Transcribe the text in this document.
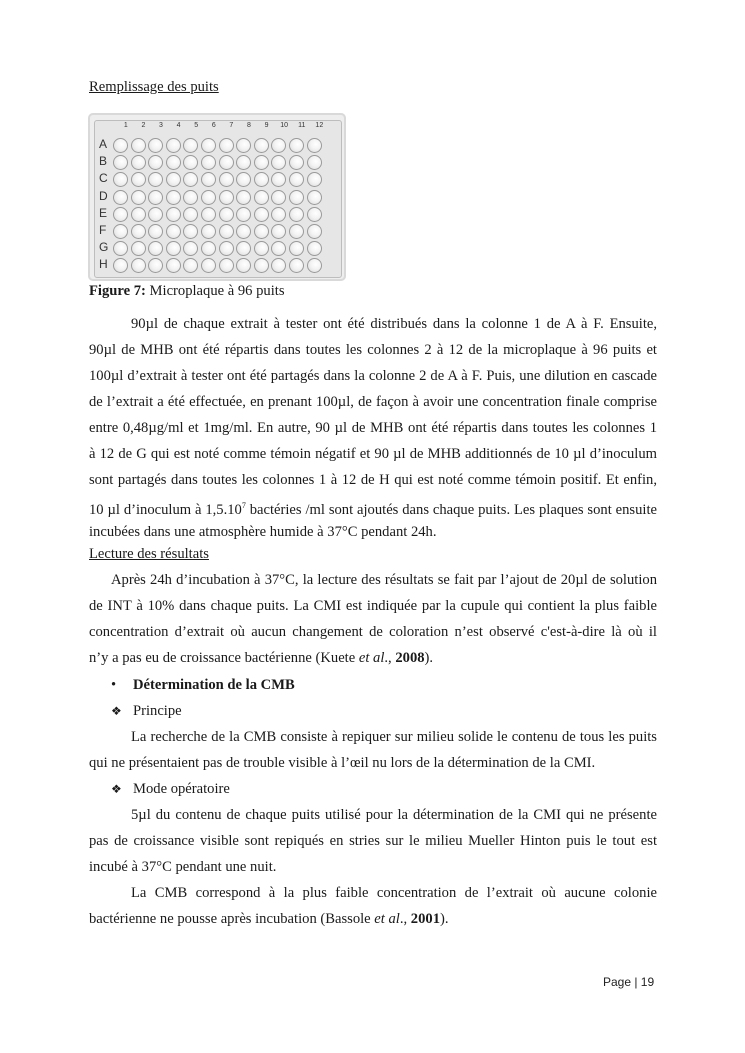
Remplissage des puits
1	2	3	4	5	6	7	8	9	10	11	12
A
B
C
D
E
F
G
H
Figure 7: Microplaque à 96 puits
90µl de chaque extrait à tester ont été distribués dans la colonne 1 de A à F. Ensuite,
90µl de MHB ont été répartis dans toutes les colonnes 2 à 12 de la microplaque à 96 puits et
100µl d’extrait à tester ont été partagés dans la colonne 2 de A à F. Puis, une dilution en cascade
de l’extrait a été effectuée, en prenant 100µl, de façon à avoir une concentration finale comprise
entre 0,48µg/ml et 1mg/ml. En autre, 90 µl de MHB ont été répartis dans toutes les colonnes 1
à 12 de G qui est noté comme témoin négatif et 90 µl de MHB additionnés de 10 µl d’inoculum
sont partagés dans toutes les colonnes 1 à 12 de H qui est noté comme témoin positif. Et enfin,
10 µl d’inoculum à 1,5.10$^7$ bactéries /ml sont ajoutés dans chaque puits. Les plaques sont ensuite
incubées dans une atmosphère humide à 37°C pendant 24h.
Lecture des résultats
Après 24h d’incubation à 37°C, la lecture des résultats se fait par l’ajout de 20µl de solution
de INT à 10% dans chaque puits. La CMI est indiquée par la cupule qui contient la plus faible
concentration d’extrait où aucun changement de coloration n’est observé c'est-à-dire là où il
n’y a pas eu de croissance bactérienne (Kuete et al., 2008).
• Détermination de la CMB
❖ Principe
La recherche de la CMB consiste à repiquer sur milieu solide le contenu de tous les puits
qui ne présentaient pas de trouble visible à l’œil nu lors de la détermination de la CMI.
❖ Mode opératoire
5µl du contenu de chaque puits utilisé pour la détermination de la CMI qui ne présente
pas de croissance visible sont repiqués en stries sur le milieu Mueller Hinton puis le tout est
incubé à 37°C pendant une nuit.
La CMB correspond à la plus faible concentration de l’extrait où aucune colonie
bactérienne ne pousse après incubation (Bassole et al., 2001).
Page | 19
